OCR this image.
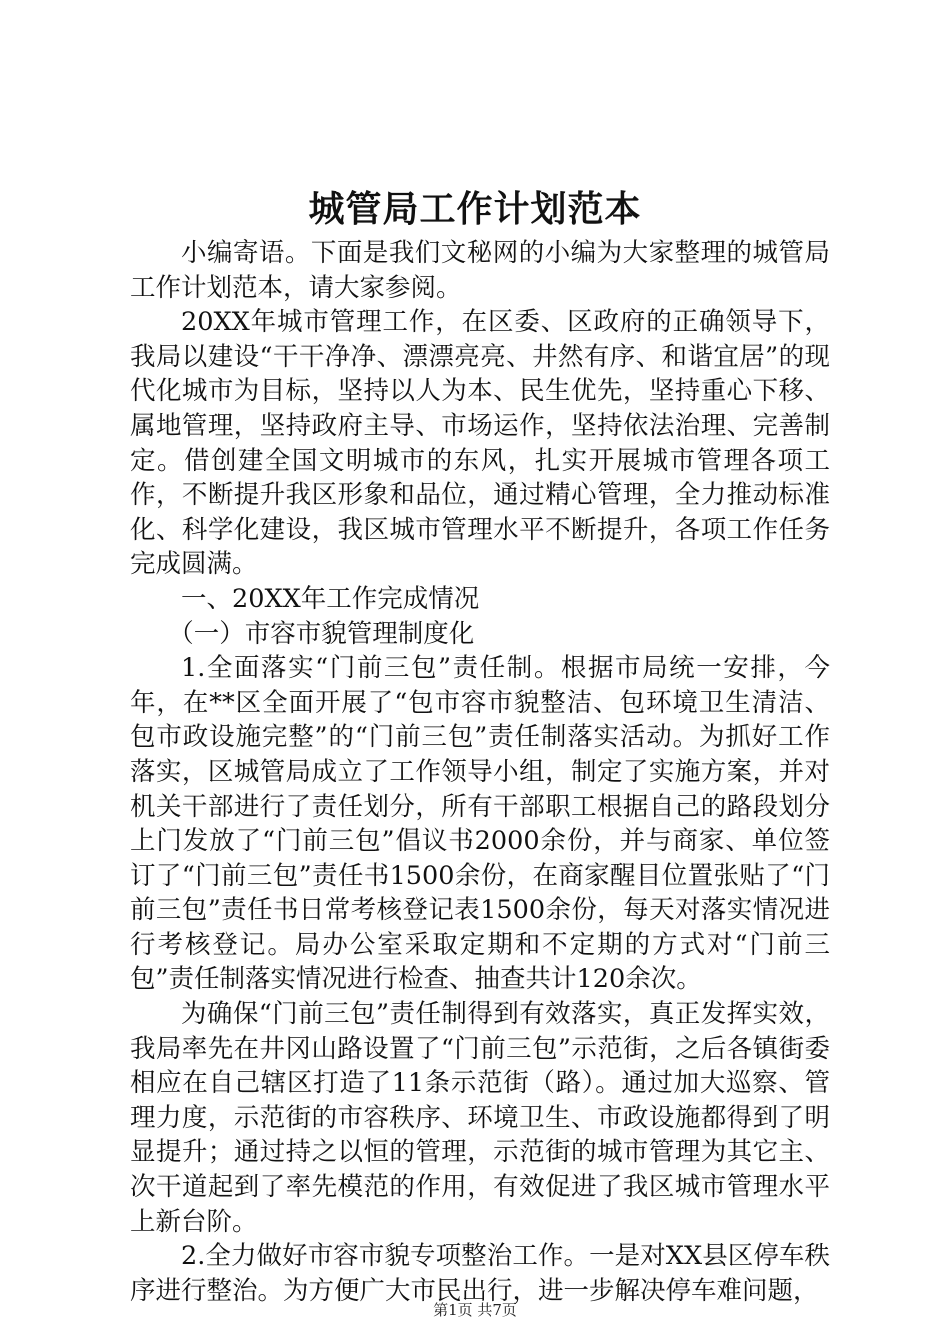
城管局工作计划范本

小编寄语。下面是我们文秘网的小编为大家整理的城管局工作计划范本，请大家参阅。

20XX年城市管理工作，在区委、区政府的正确领导下，我局以建设“干干净净、漂漂亮亮、井然有序、和谐宜居”的现代化城市为目标，坚持以人为本、民生优先，坚持重心下移、属地管理，坚持政府主导、市场运作，坚持依法治理、完善制定。借创建全国文明城市的东风，扎实开展城市管理各项工作，不断提升我区形象和品位，通过精心管理，全力推动标准化、科学化建设，我区城市管理水平不断提升，各项工作任务完成圆满。

一、20XX年工作完成情况

（一）市容市貌管理制度化

1.全面落实“门前三包”责任制。根据市局统一安排，今年，在**区全面开展了“包市容市貌整洁、包环境卫生清洁、包市政设施完整”的“门前三包”责任制落实活动。为抓好工作落实，区城管局成立了工作领导小组，制定了实施方案，并对机关干部进行了责任划分，所有干部职工根据自己的路段划分上门发放了“门前三包”倡议书2000余份，并与商家、单位签订了“门前三包”责任书1500余份，在商家醒目位置张贴了“门前三包”责任书日常考核登记表1500余份，每天对落实情况进行考核登记。局办公室采取定期和不定期的方式对“门前三包”责任制落实情况进行检查、抽查共计120余次。

为确保“门前三包”责任制得到有效落实，真正发挥实效，我局率先在井冈山路设置了“门前三包”示范街，之后各镇街委相应在自己辖区打造了11条示范街（路）。通过加大巡察、管理力度，示范街的市容秩序、环境卫生、市政设施都得到了明显提升；通过持之以恒的管理，示范街的城市管理为其它主、次干道起到了率先模范的作用，有效促进了我区城市管理水平上新台阶。

2.全力做好市容市貌专项整治工作。一是对XX县区停车秩序进行整治。为方便广大市民出行，进一步解决停车难问题，

第1页 共7页
